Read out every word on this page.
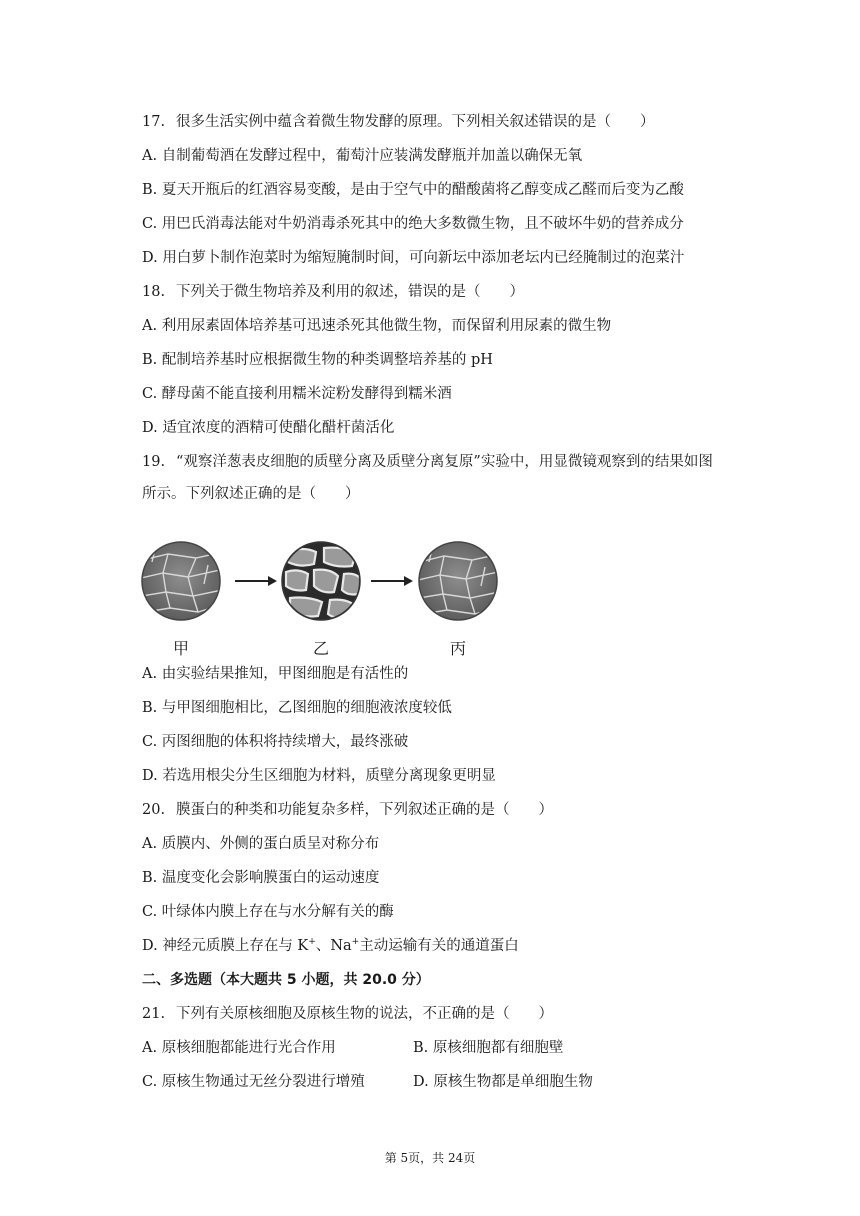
17. 很多生活实例中蕴含着微生物发酵的原理。下列相关叙述错误的是（　　）
A. 自制葡萄酒在发酵过程中，葡萄汁应装满发酵瓶并加盖以确保无氧
B. 夏天开瓶后的红酒容易变酸，是由于空气中的醋酸菌将乙醇变成乙醛而后变为乙酸
C. 用巴氏消毒法能对牛奶消毒杀死其中的绝大多数微生物，且不破坏牛奶的营养成分
D. 用白萝卜制作泡菜时为缩短腌制时间，可向新坛中添加老坛内已经腌制过的泡菜汁
18. 下列关于微生物培养及利用的叙述，错误的是（　　）
A. 利用尿素固体培养基可迅速杀死其他微生物，而保留利用尿素的微生物
B. 配制培养基时应根据微生物的种类调整培养基的 pH
C. 酵母菌不能直接利用糯米淀粉发酵得到糯米酒
D. 适宜浓度的酒精可使醋化醋杆菌活化
19. “观察洋葱表皮细胞的质壁分离及质壁分离复原”实验中，用显微镜观察到的结果如图
所示。下列叙述正确的是（　　）
甲	乙	丙
A. 由实验结果推知，甲图细胞是有活性的
B. 与甲图细胞相比，乙图细胞的细胞液浓度较低
C. 丙图细胞的体积将持续增大，最终涨破
D. 若选用根尖分生区细胞为材料，质壁分离现象更明显
20. 膜蛋白的种类和功能复杂多样，下列叙述正确的是（　　）
A. 质膜内、外侧的蛋白质呈对称分布
B. 温度变化会影响膜蛋白的运动速度
C. 叶绿体内膜上存在与水分解有关的酶
D. 神经元质膜上存在与 K+、Na+主动运输有关的通道蛋白
二、多选题（本大题共 5 小题，共 20.0 分）
21. 下列有关原核细胞及原核生物的说法，不正确的是（　　）
A. 原核细胞都能进行光合作用	B. 原核细胞都有细胞壁
C. 原核生物通过无丝分裂进行增殖	D. 原核生物都是单细胞生物
第 5页，共 24页
